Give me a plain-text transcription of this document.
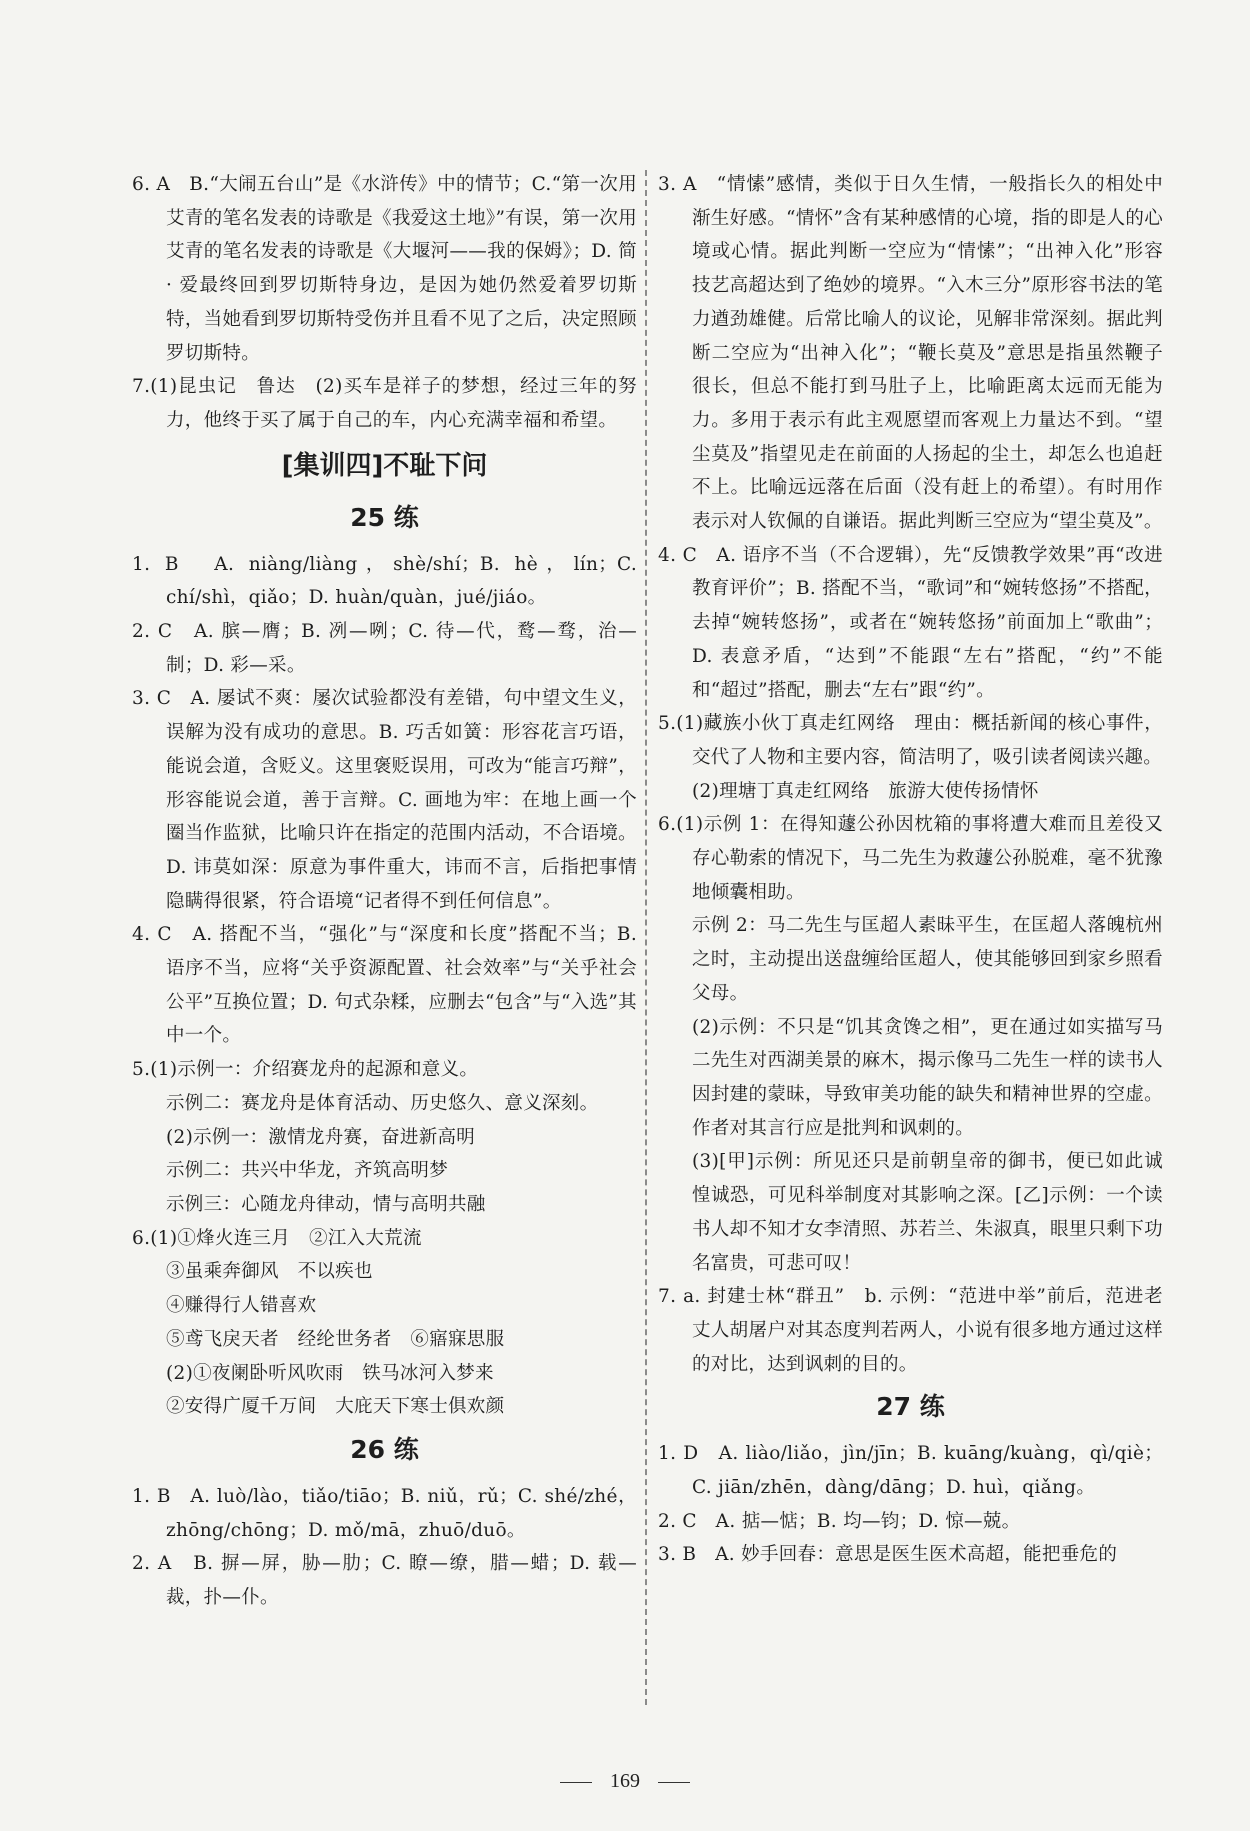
6. A　B.“大闹五台山”是《水浒传》中的情节；C.“第一次用艾青的笔名发表的诗歌是《我爱这土地》”有误，第一次用艾青的笔名发表的诗歌是《大堰河——我的保姆》；D. 简 · 爱最终回到罗切斯特身边，是因为她仍然爱着罗切斯特，当她看到罗切斯特受伤并且看不见了之后，决定照顾罗切斯特。

7.(1)昆虫记　鲁达　(2)买车是祥子的梦想，经过三年的努力，他终于买了属于自己的车，内心充满幸福和希望。

[集训四]不耻下问
25 练

1. B　A. niàng/liàng，shè/shí；B. hè，lín；C. chí/shì，qiǎo；D. huàn/quàn，jué/jiáo。

2. C　A. 膑—膺；B. 冽—咧；C. 待—代，鹜—骛，治—制；D. 彩—采。

3. C　A. 屡试不爽：屡次试验都没有差错，句中望文生义，误解为没有成功的意思。B. 巧舌如簧：形容花言巧语，能说会道，含贬义。这里褒贬误用，可改为“能言巧辩”，形容能说会道，善于言辩。C. 画地为牢：在地上画一个圈当作监狱，比喻只许在指定的范围内活动，不合语境。D. 讳莫如深：原意为事件重大，讳而不言，后指把事情隐瞒得很紧，符合语境“记者得不到任何信息”。

4. C　A. 搭配不当，“强化”与“深度和长度”搭配不当；B. 语序不当，应将“关乎资源配置、社会效率”与“关乎社会公平”互换位置；D. 句式杂糅，应删去“包含”与“入选”其中一个。

5.(1)示例一：介绍赛龙舟的起源和意义。

示例二：赛龙舟是体育活动、历史悠久、意义深刻。

(2)示例一：激情龙舟赛，奋进新高明

示例二：共兴中华龙，齐筑高明梦

示例三：心随龙舟律动，情与高明共融

6.(1)①烽火连三月　②江入大荒流

③虽乘奔御风　不以疾也

④赚得行人错喜欢

⑤鸢飞戾天者　经纶世务者　⑥寤寐思服

(2)①夜阑卧听风吹雨　铁马冰河入梦来

②安得广厦千万间　大庇天下寒士俱欢颜

26 练

1. B　A. luò/lào，tiǎo/tiāo；B. niǔ，rǔ；C. shé/zhé，zhōng/chōng；D. mǒ/mā，zhuō/duō。

2. A　B. 摒—屏，胁—肋；C. 瞭—缭，腊—蜡；D. 载—裁，扑—仆。

3. A　“情愫”感情，类似于日久生情，一般指长久的相处中渐生好感。“情怀”含有某种感情的心境，指的即是人的心境或心情。据此判断一空应为“情愫”；“出神入化”形容技艺高超达到了绝妙的境界。“入木三分”原形容书法的笔力遒劲雄健。后常比喻人的议论，见解非常深刻。据此判断二空应为“出神入化”；“鞭长莫及”意思是指虽然鞭子很长，但总不能打到马肚子上，比喻距离太远而无能为力。多用于表示有此主观愿望而客观上力量达不到。“望尘莫及”指望见走在前面的人扬起的尘土，却怎么也追赶不上。比喻远远落在后面（没有赶上的希望）。有时用作表示对人钦佩的自谦语。据此判断三空应为“望尘莫及”。

4. C　A. 语序不当（不合逻辑），先“反馈教学效果”再“改进教育评价”；B. 搭配不当，“歌词”和“婉转悠扬”不搭配，去掉“婉转悠扬”，或者在“婉转悠扬”前面加上“歌曲”；D. 表意矛盾，“达到”不能跟“左右”搭配，“约”不能和“超过”搭配，删去“左右”跟“约”。

5.(1)藏族小伙丁真走红网络　理由：概括新闻的核心事件，交代了人物和主要内容，简洁明了，吸引读者阅读兴趣。

(2)理塘丁真走红网络　旅游大使传扬情怀

6.(1)示例 1：在得知蘧公孙因枕箱的事将遭大难而且差役又存心勒索的情况下，马二先生为救蘧公孙脱难，毫不犹豫地倾囊相助。

示例 2：马二先生与匡超人素昧平生，在匡超人落魄杭州之时，主动提出送盘缠给匡超人，使其能够回到家乡照看父母。

(2)示例：不只是“饥其贪馋之相”，更在通过如实描写马二先生对西湖美景的麻木，揭示像马二先生一样的读书人因封建的蒙昧，导致审美功能的缺失和精神世界的空虚。作者对其言行应是批判和讽刺的。

(3)[甲]示例：所见还只是前朝皇帝的御书，便已如此诚惶诚恐，可见科举制度对其影响之深。[乙]示例：一个读书人却不知才女李清照、苏若兰、朱淑真，眼里只剩下功名富贵，可悲可叹！

7. a. 封建士林“群丑”　b. 示例：“范进中举”前后，范进老丈人胡屠户对其态度判若两人，小说有很多地方通过这样的对比，达到讽刺的目的。

27 练

1. D　A. liào/liǎo，jìn/jīn；B. kuāng/kuàng，qì/qiè；C. jiān/zhēn，dàng/dāng；D. huì，qiǎng。

2. C　A. 掂—惦；B. 均—钧；D. 惊—兢。

3. B　A. 妙手回春：意思是医生医术高超，能把垂危的

169
